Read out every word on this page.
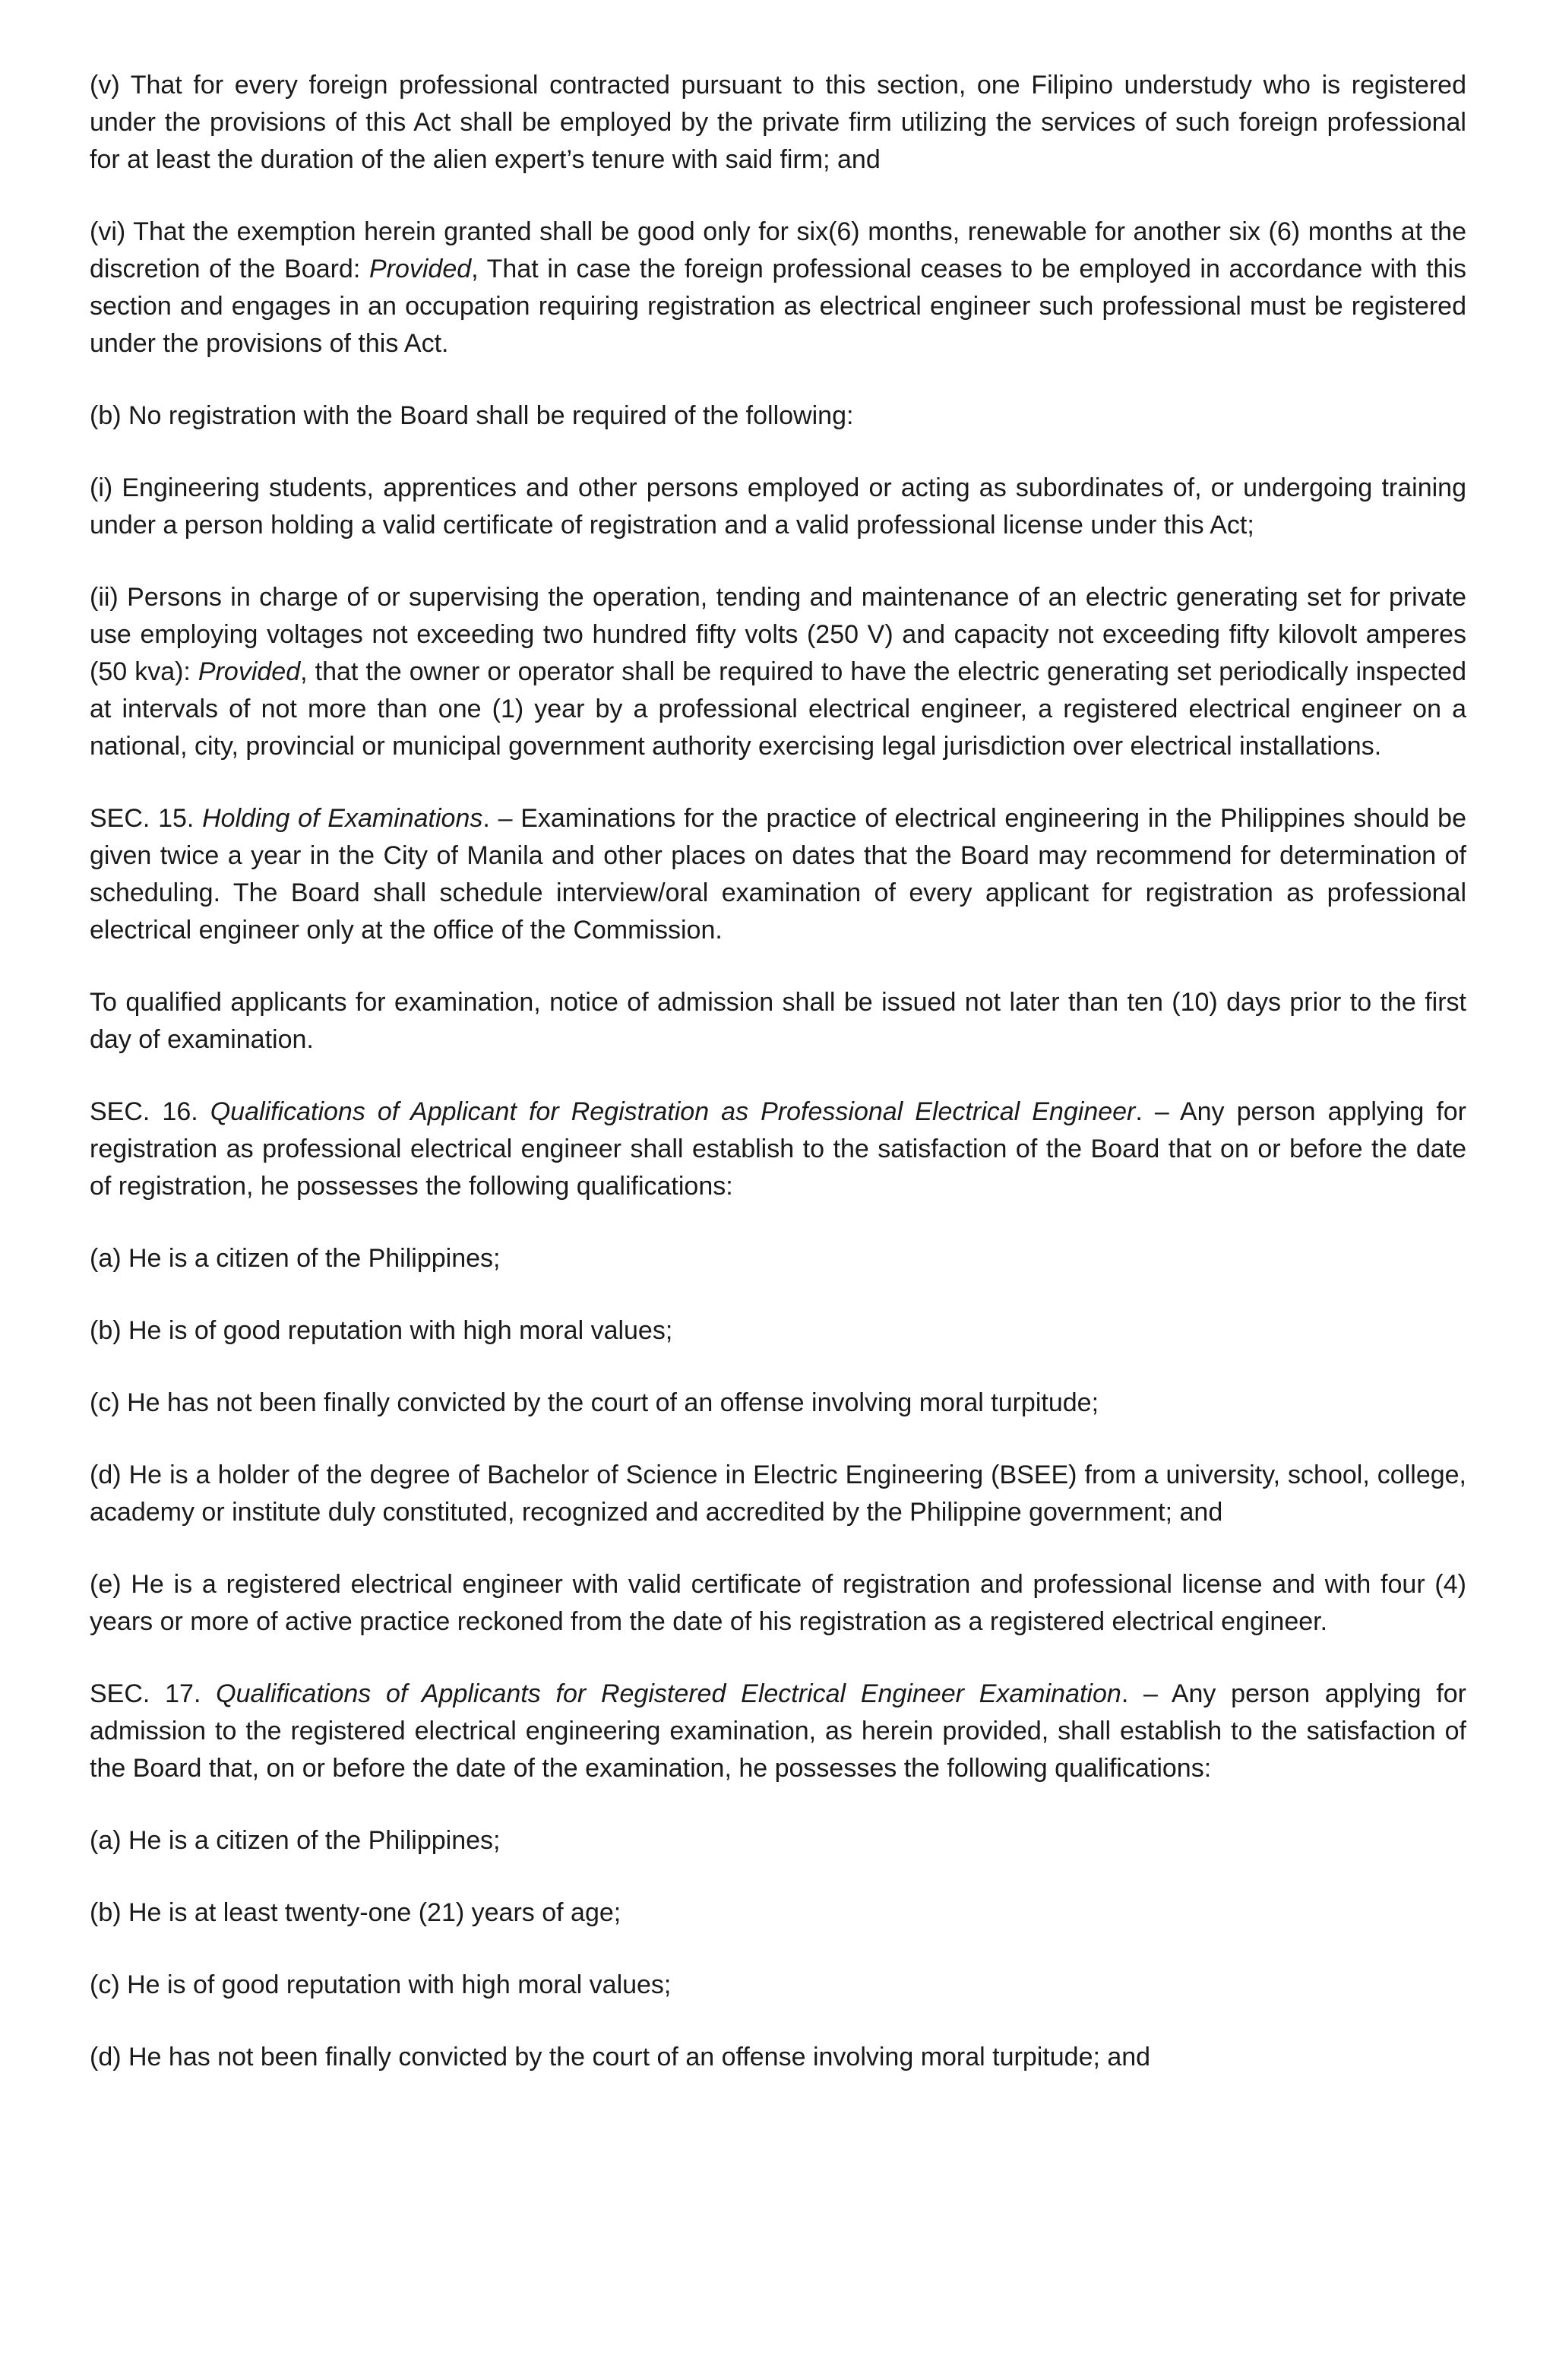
(v) That for every foreign professional contracted pursuant to this section, one Filipino understudy who is registered under the provisions of this Act shall be employed by the private firm utilizing the services of such foreign professional for at least the duration of the alien expert’s tenure with said firm; and

(vi) That the exemption herein granted shall be good only for six(6) months, renewable for another six (6) months at the discretion of the Board: Provided, That in case the foreign professional ceases to be employed in accordance with this section and engages in an occupation requiring registration as electrical engineer such professional must be registered under the provisions of this Act.

(b) No registration with the Board shall be required of the following:

(i) Engineering students, apprentices and other persons employed or acting as subordinates of, or undergoing training under a person holding a valid certificate of registration and a valid professional license under this Act;

(ii) Persons in charge of or supervising the operation, tending and maintenance of an electric generating set for private use employing voltages not exceeding two hundred fifty volts (250 V) and capacity not exceeding fifty kilovolt amperes (50 kva): Provided, that the owner or operator shall be required to have the electric generating set periodically inspected at intervals of not more than one (1) year by a professional electrical engineer, a registered electrical engineer on a national, city, provincial or municipal government authority exercising legal jurisdiction over electrical installations.

SEC. 15. Holding of Examinations. – Examinations for the practice of electrical engineering in the Philippines should be given twice a year in the City of Manila and other places on dates that the Board may recommend for determination of scheduling. The Board shall schedule interview/oral examination of every applicant for registration as professional electrical engineer only at the office of the Commission.

To qualified applicants for examination, notice of admission shall be issued not later than ten (10) days prior to the first day of examination.

SEC. 16. Qualifications of Applicant for Registration as Professional Electrical Engineer. – Any person applying for registration as professional electrical engineer shall establish to the satisfaction of the Board that on or before the date of registration, he possesses the following qualifications:

(a) He is a citizen of the Philippines;

(b) He is of good reputation with high moral values;

(c) He has not been finally convicted by the court of an offense involving moral turpitude;

(d) He is a holder of the degree of Bachelor of Science in Electric Engineering (BSEE) from a university, school, college, academy or institute duly constituted, recognized and accredited by the Philippine government; and

(e) He is a registered electrical engineer with valid certificate of registration and professional license and with four (4) years or more of active practice reckoned from the date of his registration as a registered electrical engineer.

SEC. 17. Qualifications of Applicants for Registered Electrical Engineer Examination. – Any person applying for admission to the registered electrical engineering examination, as herein provided, shall establish to the satisfaction of the Board that, on or before the date of the examination, he possesses the following qualifications:

(a) He is a citizen of the Philippines;

(b) He is at least twenty-one (21) years of age;

(c) He is of good reputation with high moral values;

(d) He has not been finally convicted by the court of an offense involving moral turpitude; and
